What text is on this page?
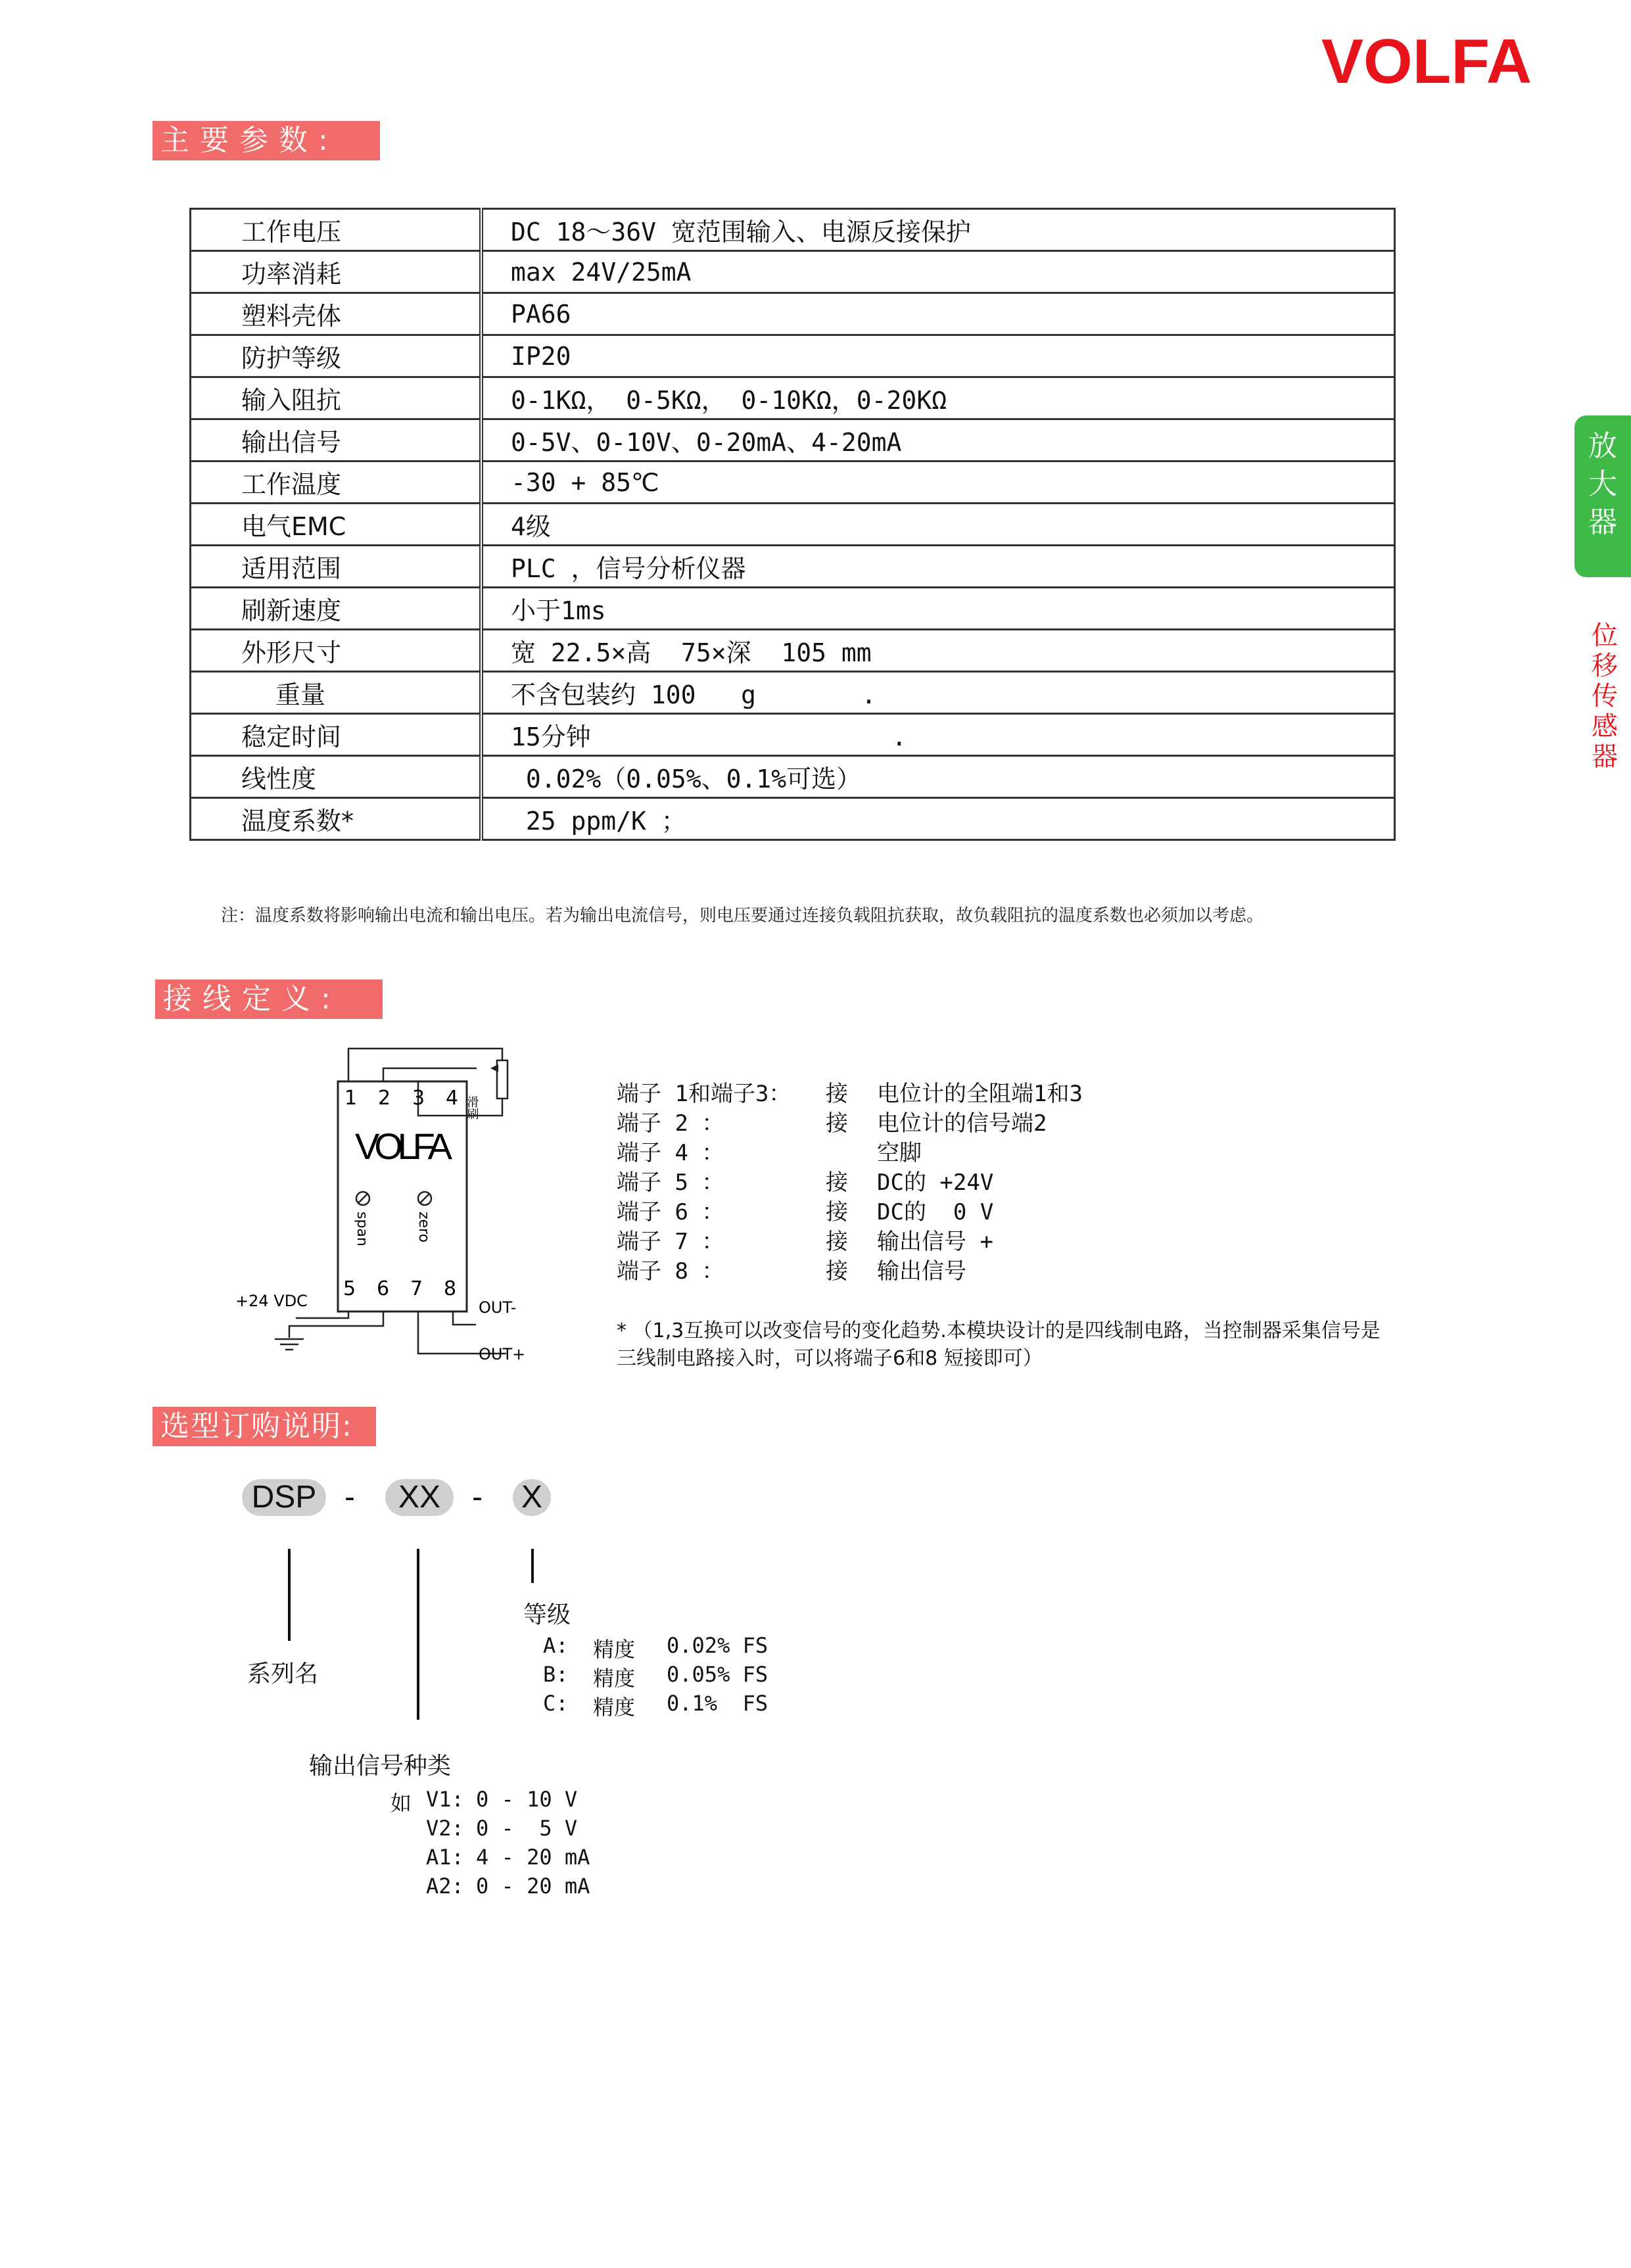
VOLFA
放
大
器
位
移
传
感
器
主要参数:
工作电压	DC 18～36V 宽范围输入、电源反接保护
功率消耗	max 24V/25mA
塑料壳体	PA66
防护等级	IP20
输入阻抗	0-1KΩ， 0-5KΩ， 0-10KΩ，0-20KΩ
输出信号	0-5V、0-10V、0-20mA、4-20mA
工作温度	-30 + 85℃
电气EMC	4级
适用范围	PLC ，信号分析仪器
刷新速度	小于1ms
外形尺寸	宽 22.5×高  75×深  105 mm
重量	不含包装约 100   g       .
稳定时间	15分钟                    .
线性度	0.02%（0.05%、0.1%可选）
温度系数*	25 ppm/K ；
注：温度系数将影响输出电流和输出电压。若为输出电流信号，则电压要通过连接负载阻抗获取，故负载阻抗的温度系数也必须加以考虑。
接线定义:
1 2 3 4 滑刷
VOLFA
span	zero
5 6 7 8
+24 VDC	OUT-
OUT+
端子 1和端子3： 接 电位计的全阻端1和3
端子 2 ：	接 电位计的信号端2
端子 4 ：	空脚
端子 5 ：	接 DC的 +24V
端子 6 ：	接 DC的  0 V
端子 7 ：	接 输出信号 +
端子 8 ：	接 输出信号
* （1,3互换可以改变信号的变化趋势.本模块设计的是四线制电路，当控制器采集信号是
三线制电路接入时，可以将端子6和8 短接即可）
选型订购说明:
DSP -	XX - X
系列名
等级
A: 精度 0.02% FS
B: 精度 0.05% FS
C: 精度 0.1%  FS
输出信号种类
如 V1: 0 - 10 V
V2: 0 -  5 V
A1: 4 - 20 mA
A2: 0 - 20 mA
